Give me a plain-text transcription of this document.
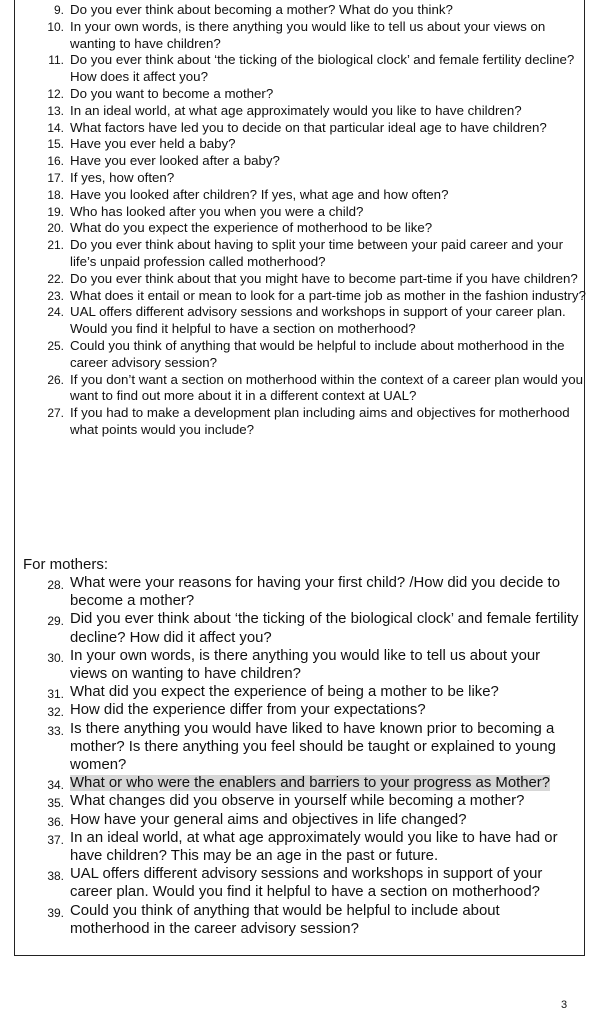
9. Do you ever think about becoming a mother? What do you think?
10. In your own words, is there anything you would like to tell us about your views on wanting to have children?
11. Do you ever think about ‘the ticking of the biological clock’ and female fertility decline? How does it affect you?
12. Do you want to become a mother?
13. In an ideal world, at what age approximately would you like to have children?
14. What factors have led you to decide on that particular ideal age to have children?
15. Have you ever held a baby?
16. Have you ever looked after a baby?
17. If yes, how often?
18. Have you looked after children? If yes, what age and how often?
19. Who has looked after you when you were a child?
20. What do you expect the experience of motherhood to be like?
21. Do you ever think about having to split your time between your paid career and your life’s unpaid profession called motherhood?
22. Do you ever think about that you might have to become part-time if you have children?
23. What does it entail or mean to look for a part-time job as mother in the fashion industry?
24. UAL offers different advisory sessions and workshops in support of your career plan. Would you find it helpful to have a section on motherhood?
25. Could you think of anything that would be helpful to include about motherhood in the career advisory session?
26. If you don’t want a section on motherhood within the context of a career plan would you want to find out more about it in a different context at UAL?
27. If you had to make a development plan including aims and objectives for motherhood what points would you include?
For mothers:
28. What were your reasons for having your first child? /How did you decide to become a mother?
29. Did you ever think about ‘the ticking of the biological clock’ and female fertility decline? How did it affect you?
30. In your own words, is there anything you would like to tell us about your views on wanting to have children?
31. What did you expect the experience of being a mother to be like?
32. How did the experience differ from your expectations?
33. Is there anything you would have liked to have known prior to becoming a mother? Is there anything you feel should be taught or explained to young women?
34. What or who were the enablers and barriers to your progress as Mother?
35. What changes did you observe in yourself while becoming a mother?
36. How have your general aims and objectives in life changed?
37. In an ideal world, at what age approximately would you like to have had or have children? This may be an age in the past or future.
38. UAL offers different advisory sessions and workshops in support of your career plan. Would you find it helpful to have a section on motherhood?
39. Could you think of anything that would be helpful to include about motherhood in the career advisory session?
3
